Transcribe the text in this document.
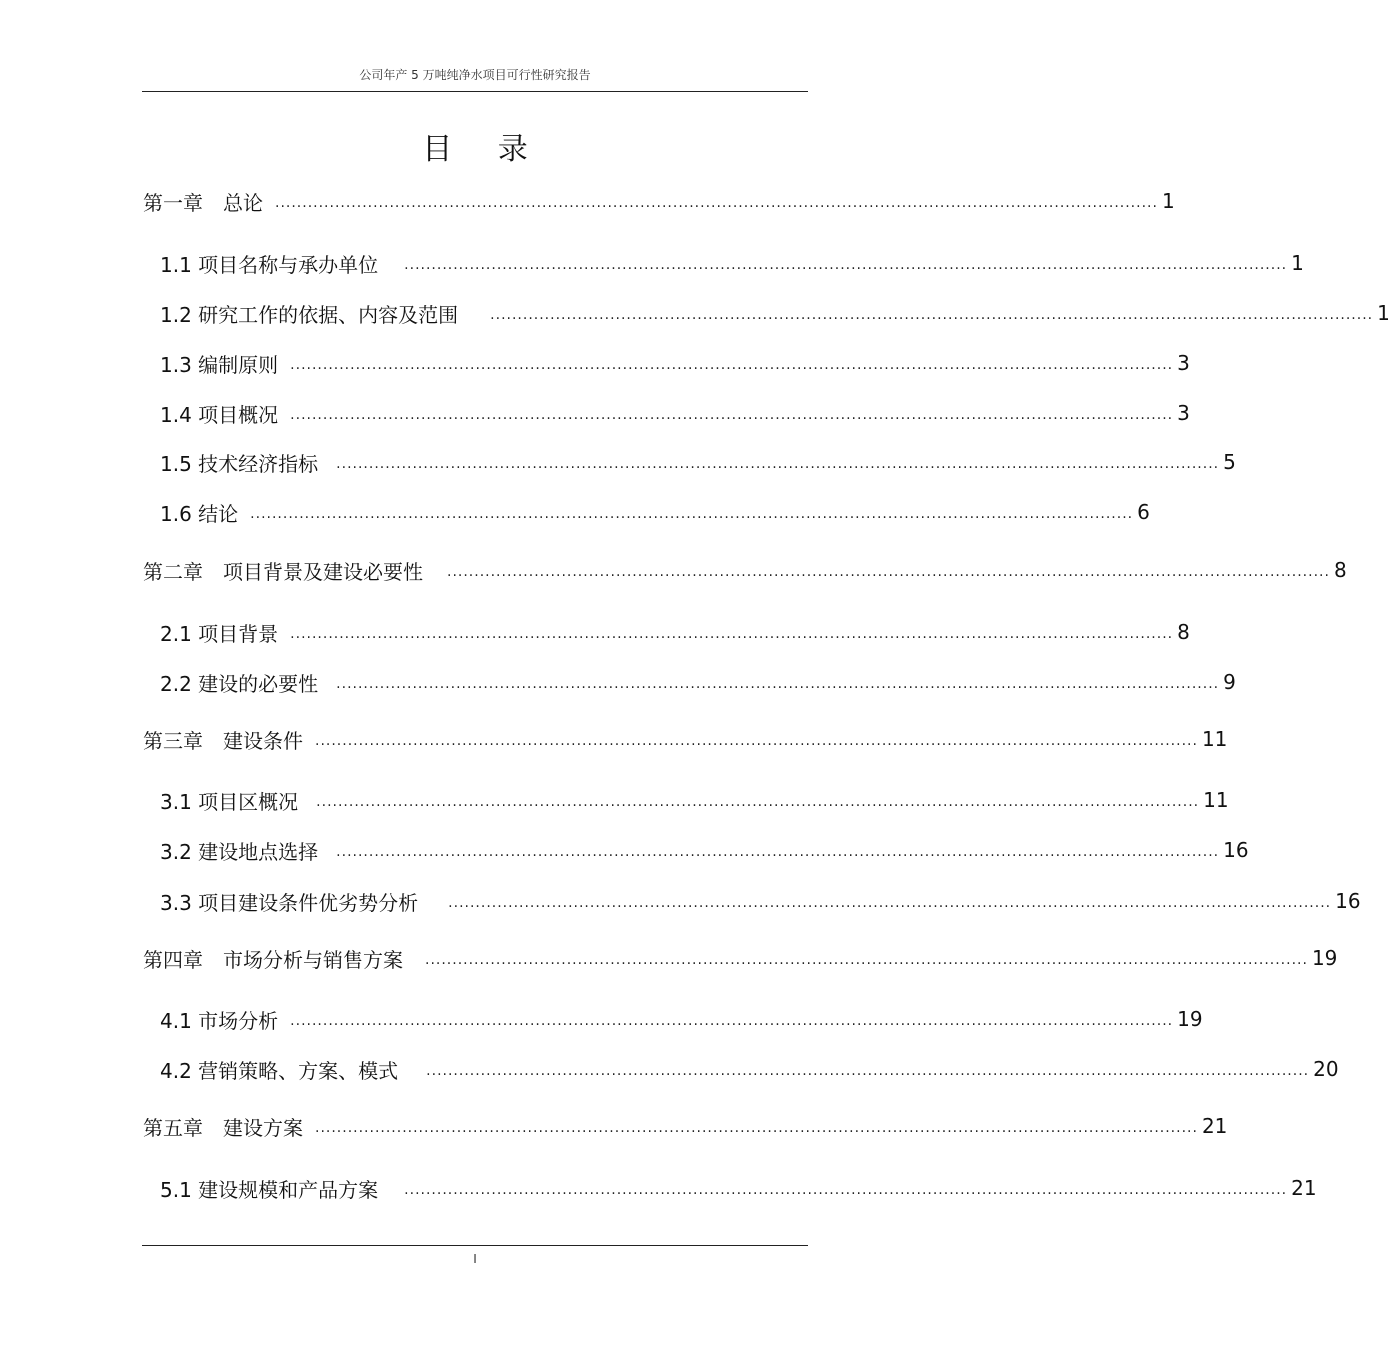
公司年产 5 万吨纯净水项目可行性研究报告
目 录
第一章　总论 .................................................................................................................................................................. 1
1.1 项目名称与承办单位 .................................................................................................................................................................. 1
1.2 研究工作的依据、内容及范围 .................................................................................................................................................................. 1
1.3 编制原则 .................................................................................................................................................................. 3
1.4 项目概况 .................................................................................................................................................................. 3
1.5 技术经济指标 .................................................................................................................................................................. 5
1.6 结论 .................................................................................................................................................................. 6
第二章　项目背景及建设必要性 .................................................................................................................................................................. 8
2.1 项目背景 .................................................................................................................................................................. 8
2.2 建设的必要性 .................................................................................................................................................................. 9
第三章　建设条件 .................................................................................................................................................................. 11
3.1 项目区概况 .................................................................................................................................................................. 11
3.2 建设地点选择 .................................................................................................................................................................. 16
3.3 项目建设条件优劣势分析 .................................................................................................................................................................. 16
第四章　市场分析与销售方案 .................................................................................................................................................................. 19
4.1 市场分析 .................................................................................................................................................................. 19
4.2 营销策略、方案、模式 .................................................................................................................................................................. 20
第五章　建设方案 .................................................................................................................................................................. 21
5.1 建设规模和产品方案 .................................................................................................................................................................. 21
I
